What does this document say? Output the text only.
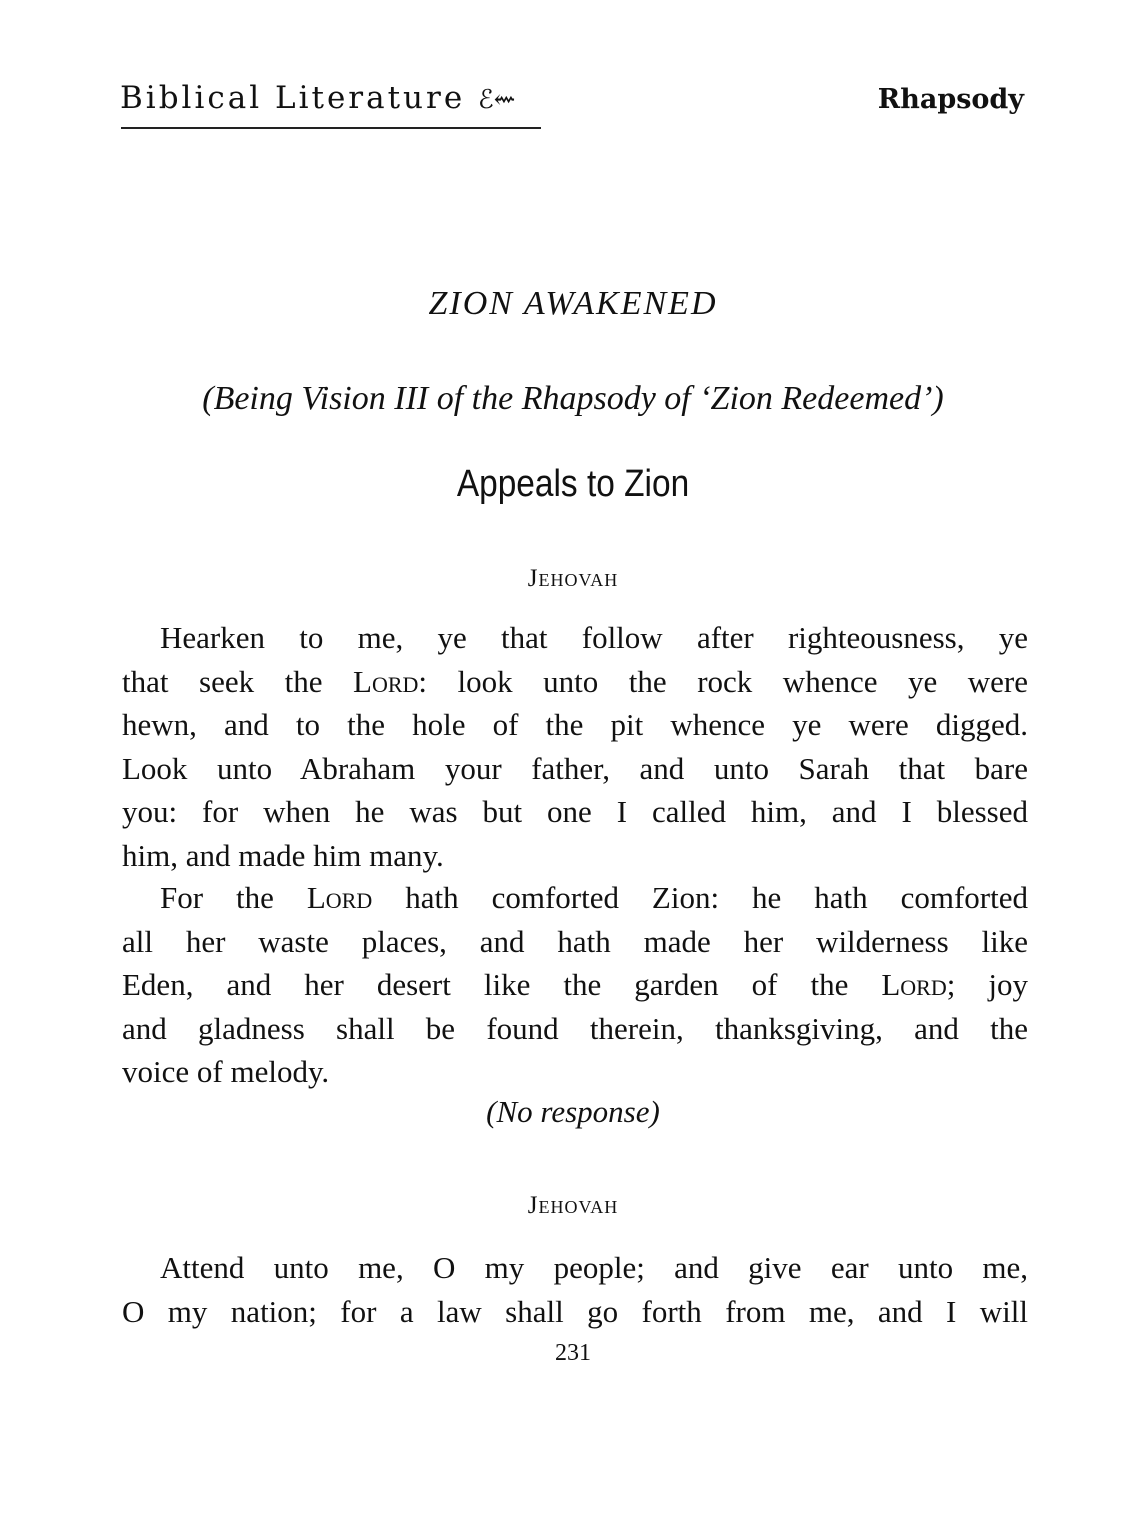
Biblical Literature ℰ⇜	Rhapsody
ZION AWAKENED
(Being Vision III of the Rhapsody of ‘Zion Redeemed’)
Appeals to Zion
Jehovah
Hearken to me, ye that follow after righteousness, ye
that seek the Lord: look unto the rock whence ye were
hewn, and to the hole of the pit whence ye were digged.
Look unto Abraham your father, and unto Sarah that bare
you: for when he was but one I called him, and I blessed
him, and made him many.
For the Lord hath comforted Zion: he hath comforted
all her waste places, and hath made her wilderness like
Eden, and her desert like the garden of the Lord; joy
and gladness shall be found therein, thanksgiving, and the
voice of melody.
(No response)
Jehovah
Attend unto me, O my people; and give ear unto me,
O my nation; for a law shall go forth from me, and I will
231
